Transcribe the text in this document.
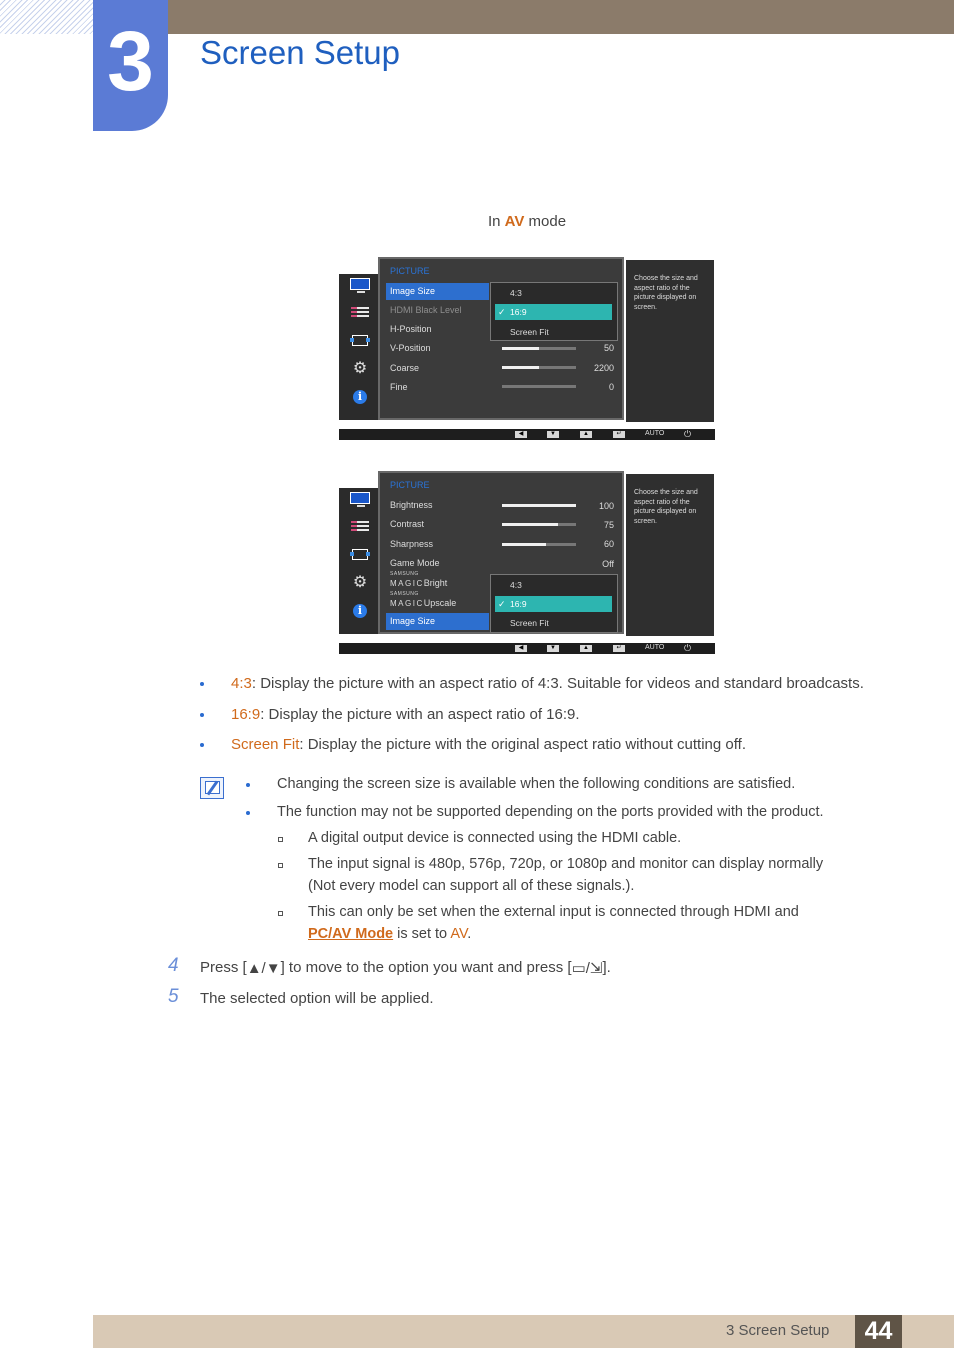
3	Screen Setup
In AV mode
⚙
i
PICTURE
Image Size
HDMI Black Level
H-Position
V-Position	50
Coarse	2200
Fine	0
4:3
✓ 16:9
Screen Fit
Choose the size and aspect ratio of the picture displayed on screen.
◀	▼	▲	↵	AUTO ⏻
⚙
i
PICTURE
Brightness	100
Contrast	75
Sharpness	60
Game Mode	Off
SAMSUNG
MAGICBright
SAMSUNG
MAGICUpscale
Image Size
4:3
✓ 16:9
Screen Fit
Choose the size and aspect ratio of the picture displayed on screen.
◀	▼	▲	↵	AUTO ⏻
4:3: Display the picture with an aspect ratio of 4:3. Suitable for videos and standard broadcasts.
16:9: Display the picture with an aspect ratio of 16:9.
Screen Fit: Display the picture with the original aspect ratio without cutting off.
Changing the screen size is available when the following conditions are satisfied.
The function may not be supported depending on the ports provided with the product.
A digital output device is connected using the HDMI cable.
The input signal is 480p, 576p, 720p, or 1080p and monitor can display normally
(Not every model can support all of these signals.).
This can only be set when the external input is connected through HDMI and
PC/AV Mode is set to AV.
4 Press [▲/▼] to move to the option you want and press [▭/⇲].
5 The selected option will be applied.
3 Screen Setup	44
